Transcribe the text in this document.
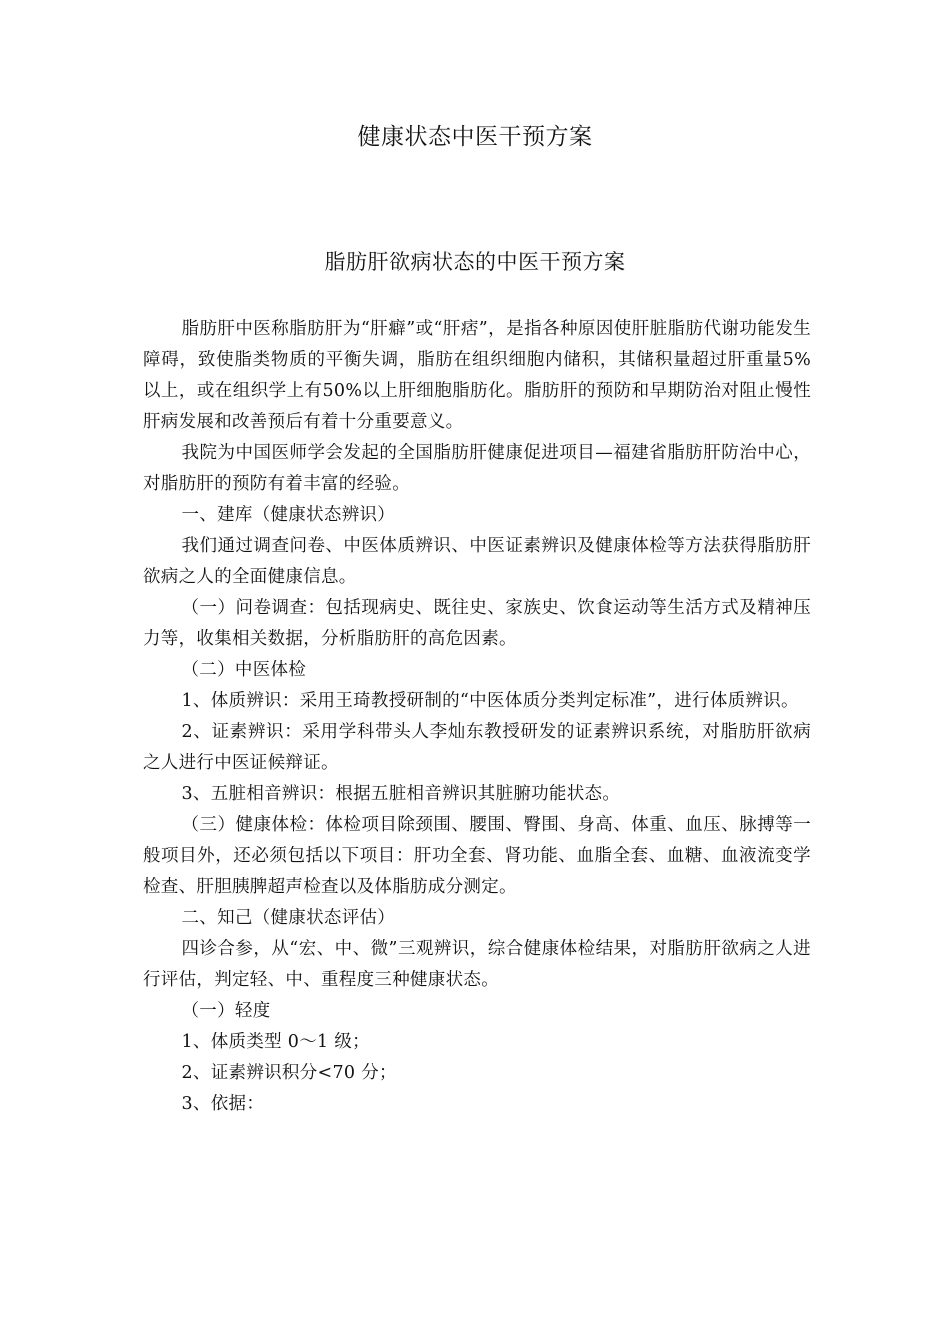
健康状态中医干预方案
脂肪肝欲病状态的中医干预方案

脂肪肝中医称脂肪肝为“肝癖”或“肝痞”，是指各种原因使肝脏脂肪代谢功能发生障碍，致使脂类物质的平衡失调，脂肪在组织细胞内储积，其储积量超过肝重量5%以上，或在组织学上有50%以上肝细胞脂肪化。脂肪肝的预防和早期防治对阻止慢性肝病发展和改善预后有着十分重要意义。

我院为中国医师学会发起的全国脂肪肝健康促进项目—福建省脂肪肝防治中心，对脂肪肝的预防有着丰富的经验。

一、建库（健康状态辨识）

我们通过调查问卷、中医体质辨识、中医证素辨识及健康体检等方法获得脂肪肝欲病之人的全面健康信息。

（一）问卷调查：包括现病史、既往史、家族史、饮食运动等生活方式及精神压力等，收集相关数据，分析脂肪肝的高危因素。

（二）中医体检

1、体质辨识：采用王琦教授研制的“中医体质分类判定标准”，进行体质辨识。

2、证素辨识：采用学科带头人李灿东教授研发的证素辨识系统，对脂肪肝欲病之人进行中医证候辩证。

3、五脏相音辨识：根据五脏相音辨识其脏腑功能状态。

（三）健康体检：体检项目除颈围、腰围、臀围、身高、体重、血压、脉搏等一般项目外，还必须包括以下项目：肝功全套、肾功能、血脂全套、血糖、血液流变学检查、肝胆胰脾超声检查以及体脂肪成分测定。

二、知己（健康状态评估）

四诊合参，从“宏、中、微”三观辨识，综合健康体检结果，对脂肪肝欲病之人进行评估，判定轻、中、重程度三种健康状态。

（一）轻度

1、体质类型 0～1 级；

2、证素辨识积分<70 分；

3、依据：
